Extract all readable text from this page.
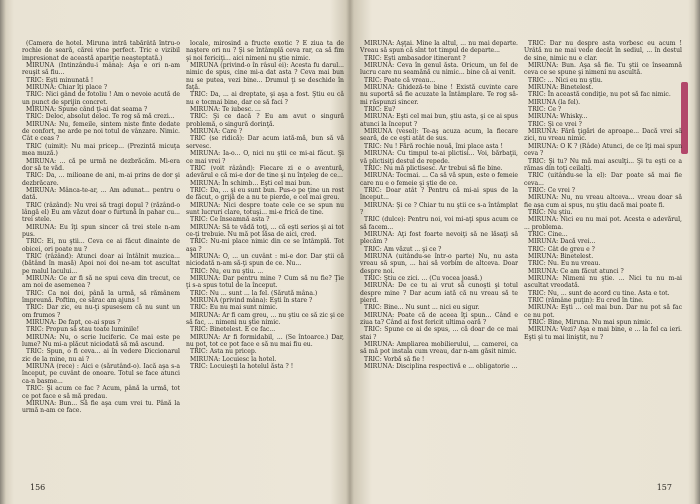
(Camera de hotel. Miruna intră tabărâtă întru-o rochie de seară, cărei vine perfect. Tric e vizibil impresionat de această apariţie neaşteptată.)

MIRUNA (Intinzându-i mâna): Aşa e ori n-am reuşit să fiu...

TRIC: Eşti minunată !

MIRUNA: Chiar îţi place ?

TRIC: Nici gând de fotoliu ! Am o nevoie acută de un punct de sprijin concret.

MIRUNA: Spune când ţi-ai dat seama ?

TRIC: Deloc, absolut deloc. Te rog să mă crezi...

MIRUNA: Nu, femeile, sintem niste finte dedate de confort, ne arde pe noi totul de vânzare. Nimic. Cât e ceas ?

TRIC (uimit): Nu mai pricep... (Prezintă micuţa mea muză.)

MIRUNA: ... că pe urmă ne dezbrăcăm. Mi-era dor să te văd.

TRIC: Da, ... milioane de ani, m-ai prins de dor şi dezbrăcare.

MIRUNA: Mânca-te-ar, ... Am adunat... pentru o dată.

TRIC (râzând): Nu vrei să tragi dopul ? (răzând-o lângă el) Eu am văzut doar o furtună în pahar cu... trei stele.

MIRUNA: Eu îţi spun sincer că trei stele n-am pus.

TRIC: Ei, nu ştii... Ceva ce ai făcut dinainte de obicei, ori poate nu ?

TRIC (râzând): Atunci doar ai întâlnit muzica... (bătând în masă) Apoi noi doi ne-am tot ascultat pe malul lacului...

MIRUNA: Ce ar fi să ne spui ceva din trecut, ce am noi de asemenea ?

TRIC: Ca noi doi, până la urmă, să rămânem împreună. Poftim, ce sărac am ajuns !

TRIC: Dar zic, eu nu-ţi spusesem că nu sunt un om frumos ?

MIRUNA: De fapt, ce-ai spus ?

TRIC: Propun să stau toate luminile!

MIRUNA: Nu, o scrie luciferic. Ce mai este pe lume? Nu mi-a plăcut niciodată să mă ascund.

TRIC: Spun, o fi ceva... ai în vedere Diccionarul zic de la mine, nu ai ?

MIRUNA (rece) : Aici e (sărutând-o). Iacă aşa s-a început, pe cuvânt de onoare. Totul se face atunci ca-n basme...

TRIC: Şi acum ce fac ? Acum, până la urmă, tot ce pot face e să mă predau.

MIRUNA: Bun... Să fie aşa cum vrei tu. Până la urmă n-am ce face.

locale, mirosind a fructe exotic ? E ziua ta de naştere ori nu ? Şi se întâmplă ceva rar, ca să fim şi noi fericiţi... aici nimeni nu ştie nimic.

MIRUNA (privind-o în râsul ei): Acesta fu darul... nimic de spus, cine mi-a dat asta ? Ceva mai bun nu se putea, vezi bine... Drumul ţi se deschide în faţă.

TRIC: Da, ... ai dreptate, şi aşa a fost. Ştiu eu că nu e tocmai bine, dar ce să faci ?

MIRUNA: Te iubesc. ...

TRIC: Şi ce dacă ? Eu am avut o singură problemă, o singură dorinţă.

MIRUNA: Care ?

TRIC (se ridică): Dar acum iată-mă, bun să vă servesc.

MIRUNA: Ia-o... O, nici nu ştii ce mi-ai făcut. Şi ce mai vrei ?

TRIC (voit râzând): Fiecare zi e o aventură, adevărul e că mi-e dor de tine şi nu înţeleg de ce...

MIRUNA: În schimb... Eşti cel mai bun.

TRIC: Da, ... şi eu sunt bun. Pus-o pe ţine un rost de făcut, o grijă de a nu te pierde, e cel mai greu.

MIRUNA: Nici despre toate cele ce se spun nu sunt lucruri clare, totuşi... mi-e frică de tine.

TRIC: Ce înseamnă asta ?

MIRUNA: Să te vădă toţi, ... că eşti serios şi ai tot ce-ţi trebuie. Nu mă pot lăsa de aici, cred.

TRIC: Nu-mi place nimic din ce se întâmplă. Tot aşa ?

MIRUNA: O, ... un cuvânt : mi-e dor. Dar ştii că niciodată n-am să-ţi spun de ce. Nu...

TRIC: Nu, eu nu ştiu. ...

MIRUNA: Dar pentru mine ? Cum să nu fie? Ţie ţi s-a spus totul de la început.

TRIC: Nu ... sunt ... la fel. (Sărută mâna.)

MIRUNA (privind mâna): Eşti în stare ?

TRIC: Eu nu mai sunt nimic.

MIRUNA: Ar fi cam greu, ... nu ştiu ce să zic şi ce să fac, ... nimeni nu ştie nimic.

TRIC: Binetelest. E ce fac...

MIRUNA: Ar fi formidabil, ... (Se întoarce.) Dar, nu pot, tot ce pot face e să nu mai fiu eu.

TRIC: Asta nu pricep.

MIRUNA: Locuiesc la hotel.

TRIC: Locuieşti la hotelul ăsta ? !

156

MIRUNA: Aşţai. Mine la altul, ... nu mai departe. Vreau să spun că sînt tot timpul de departe...

TRIC: Eşti ambasador itinerant ?

MIRUNA: Ceva în genul ăsta. Oricum, un fel de lucru care nu seamănă cu nimic... bine că ai venit.

TRIC: Poate că vreau...

MIRUNA: Ghideză-te bine ! Există cuvinte care nu suportă să fie acuzate la întâmplare. Te rog să-mi răspunzi sincer.

TRIC: Eu?

MIRUNA: Eşti cel mai bun, ştiu asta, şi ce ai spus atunci la început ?

MIRUNA (vesel): Te-aş acuza acum, la fiecare seară, de ce eşti atât de sus.

TRIC: Nu ! Fără rochie nouă, îmi place asta !

MIRUNA: Cu timpul te-ai plictisi... Voi, bărbaţii, vă plictisiţi destul de repede.

TRIC: Nu mă plictisesc. Ar trebui să fie bine.

MIRUNA: Tocmai. ... Ca să vă spun, este o femeie care nu e o femeie şi ştie de ce.

TRIC: Doar atât ? Pentru că mi-ai spus de la început...

MIRUNA: Şi ce ? Chiar tu nu ştii ce s-a întâmplat ?

TRIC (dulce): Pentru noi, voi mi-aţi spus acum ce să facem...

MIRUNA: Aţi fost foarte nevoiţi să ne lăsaţi să plecăm ?

TRIC: Am văzut ... şi ce ?

MIRUNA (uitându-se într-o parte) Nu, nu asta vreau să spun, ... hai să vorbim de altceva. Doar despre noi.

TRIC: Ştiu ce zici. ... (Cu vocea joasă.)

MIRUNA: De ce tu ai vrut să cunoşti şi totul despre mine ? Dar acum iată că nu vreau să te pierd.

TRIC: Bine... Nu sunt ... nici eu sigur.

MIRUNA: Poate că de aceea îţi spun... Când e ziua ta? Când ai fost fericit ultima oară ?

TRIC: Spune ce ai de spus, ... că doar de ce mai stai ?

MIRUNA: Ampliarea mobilierului, ... camerei, ca să mă pot instala cum vreau, dar n-am găsit nimic.

TRIC: Vorbă să fie !

MIRUNA: Disciplina respectivă e ... obligatorie ...

TRIC: Dar nu despre asta vorbesc eu acum ! Urâtă nu ne mai vede decât în sediul, ... în destul de sine, nimic nu e clar.

MIRUNA: Bun. Aşa să fie. Tu ştii ce înseamnă ceva ce se spune şi nimeni nu ascultă.

TRIC: ... Nici eu nu ştiu.

MIRUNA: Binetelest.

TRIC: În această condiţie, nu pot să fac nimic.

MIRUNA (la fel).

TRIC: Ce ?

MIRUNA: Whisky...

TRIC: Şi ce vrei ?

MIRUNA: Fără ţigări de aproape... Dacă vrei să zici, nu vreau nimic.

MIRUNA: O K ? (Râde) Atunci, de ce îţi mai spun ceva ?

TRIC: Şi tu? Nu mă mai asculţi... Şi tu eşti ce a rămas din toţi ceilalţi.

TRIC (uitându-se la el): Dar poate să mai fie ceva...

TRIC: Ce vrei ?

MIRUNA: Nu, nu vreau altceva... vreau doar să fie aşa cum ai spus, nu ştiu dacă mai poate fi.

TRIC: Nu ştiu.

MIRUNA: Nici eu nu mai pot. Acesta e adevărul, ... problema.

TRIC: Cine...

MIRUNA: Dacă vrei...

TRIC: Cât de greu e ?

MIRUNA: Binetelest.

TRIC: Nu. Eu nu vreau.

MIRUNA: Ce am făcut atunci ?

MIRUNA: Nimeni nu ştie. ... Nici tu nu m-ai ascultat vreodată.

TRIC: Nu, ... sunt de acord cu tine. Asta e tot.

TRIC (rămâne puţin): Eu cred în tine.

MIRUNA: Eşti ... cel mai bun. Dar nu pot să fac ce nu pot.

TRIC: Bine, Miruna. Nu mai spun nimic.

MIRUNA: Vezi? Aşa e mai bine, e ... la fel ca ieri. Eşti şi tu mai liniştit, nu ?

157
